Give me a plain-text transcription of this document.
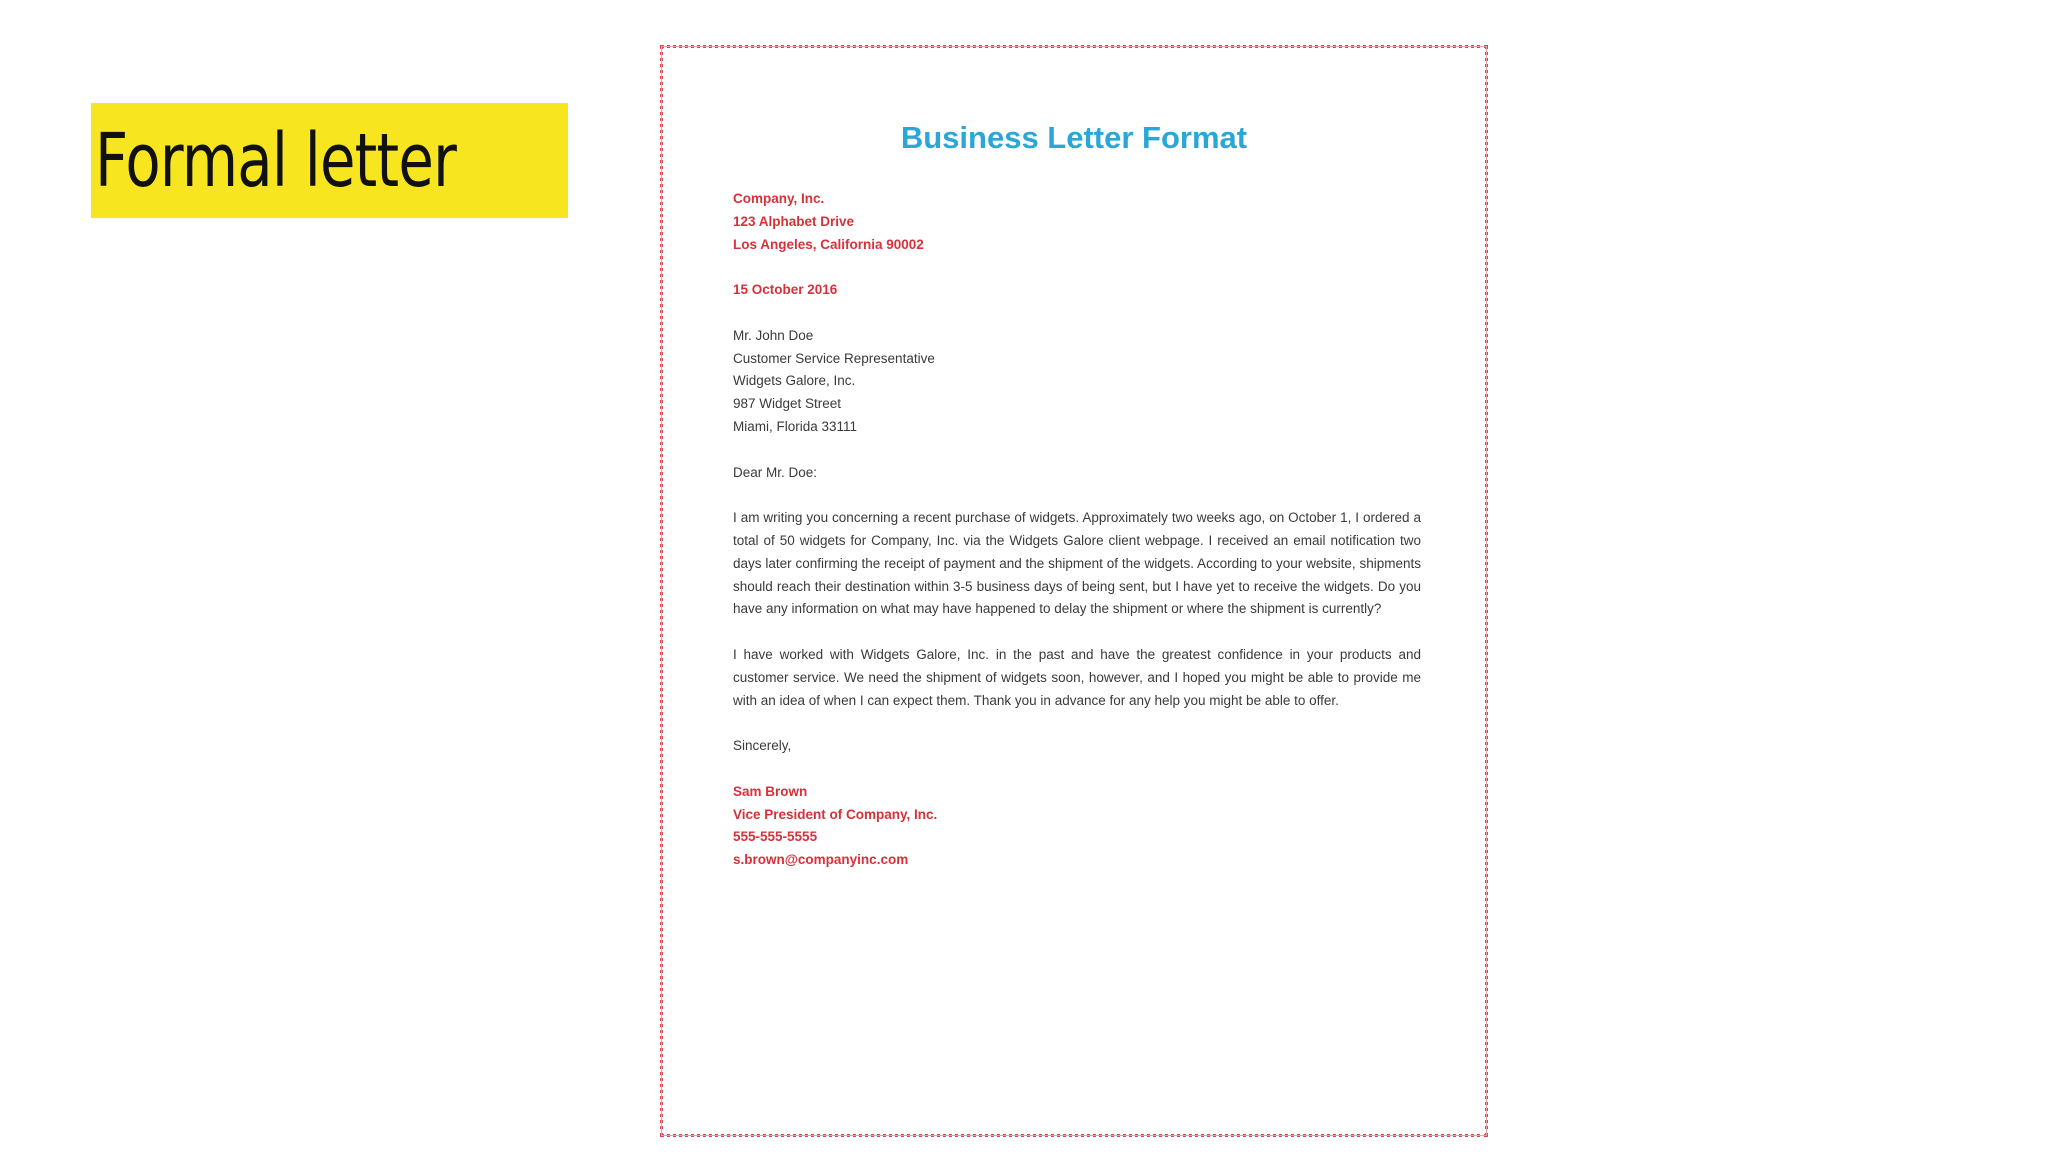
Formal letter	Business Letter Format
Company, Inc.
123 Alphabet Drive
Los Angeles, California 90002
15 October 2016
Mr. John Doe
Customer Service Representative
Widgets Galore, Inc.
987 Widget Street
Miami, Florida 33111
Dear Mr. Doe:
I am writing you concerning a recent purchase of widgets. Approximately two weeks ago, on October 1, I ordered a total of 50 widgets for Company, Inc. via the Widgets Galore client webpage. I received an email notification two days later confirming the receipt of payment and the shipment of the widgets. According to your website, shipments should reach their destination within 3-5 business days of being sent, but I have yet to receive the widgets. Do you have any information on what may have happened to delay the shipment or where the shipment is currently?
I have worked with Widgets Galore, Inc. in the past and have the greatest confidence in your products and customer service. We need the shipment of widgets soon, however, and I hoped you might be able to provide me with an idea of when I can expect them. Thank you in advance for any help you might be able to offer.
Sincerely,
Sam Brown
Vice President of Company, Inc.
555-555-5555
s.brown@companyinc.com
